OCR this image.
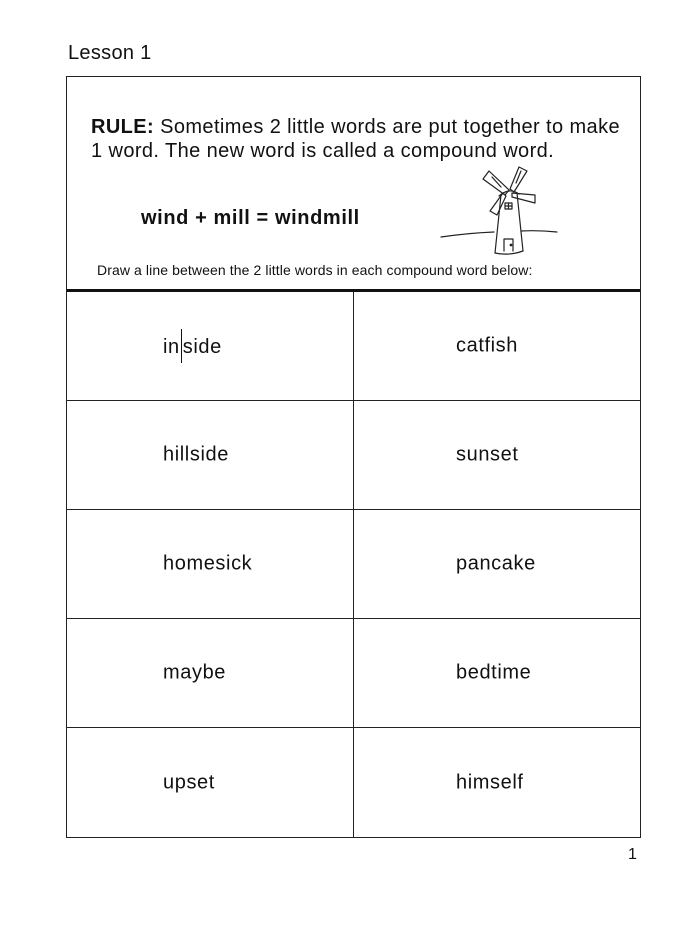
Lesson 1
RULE: Sometimes 2 little words are put together to make 1 word. The new word is called a compound word.
wind + mill = windmill
Draw a line between the 2 little words in each compound word below:
in side	catfish
hillside	sunset
homesick	pancake
maybe	bedtime
upset	himself
1
